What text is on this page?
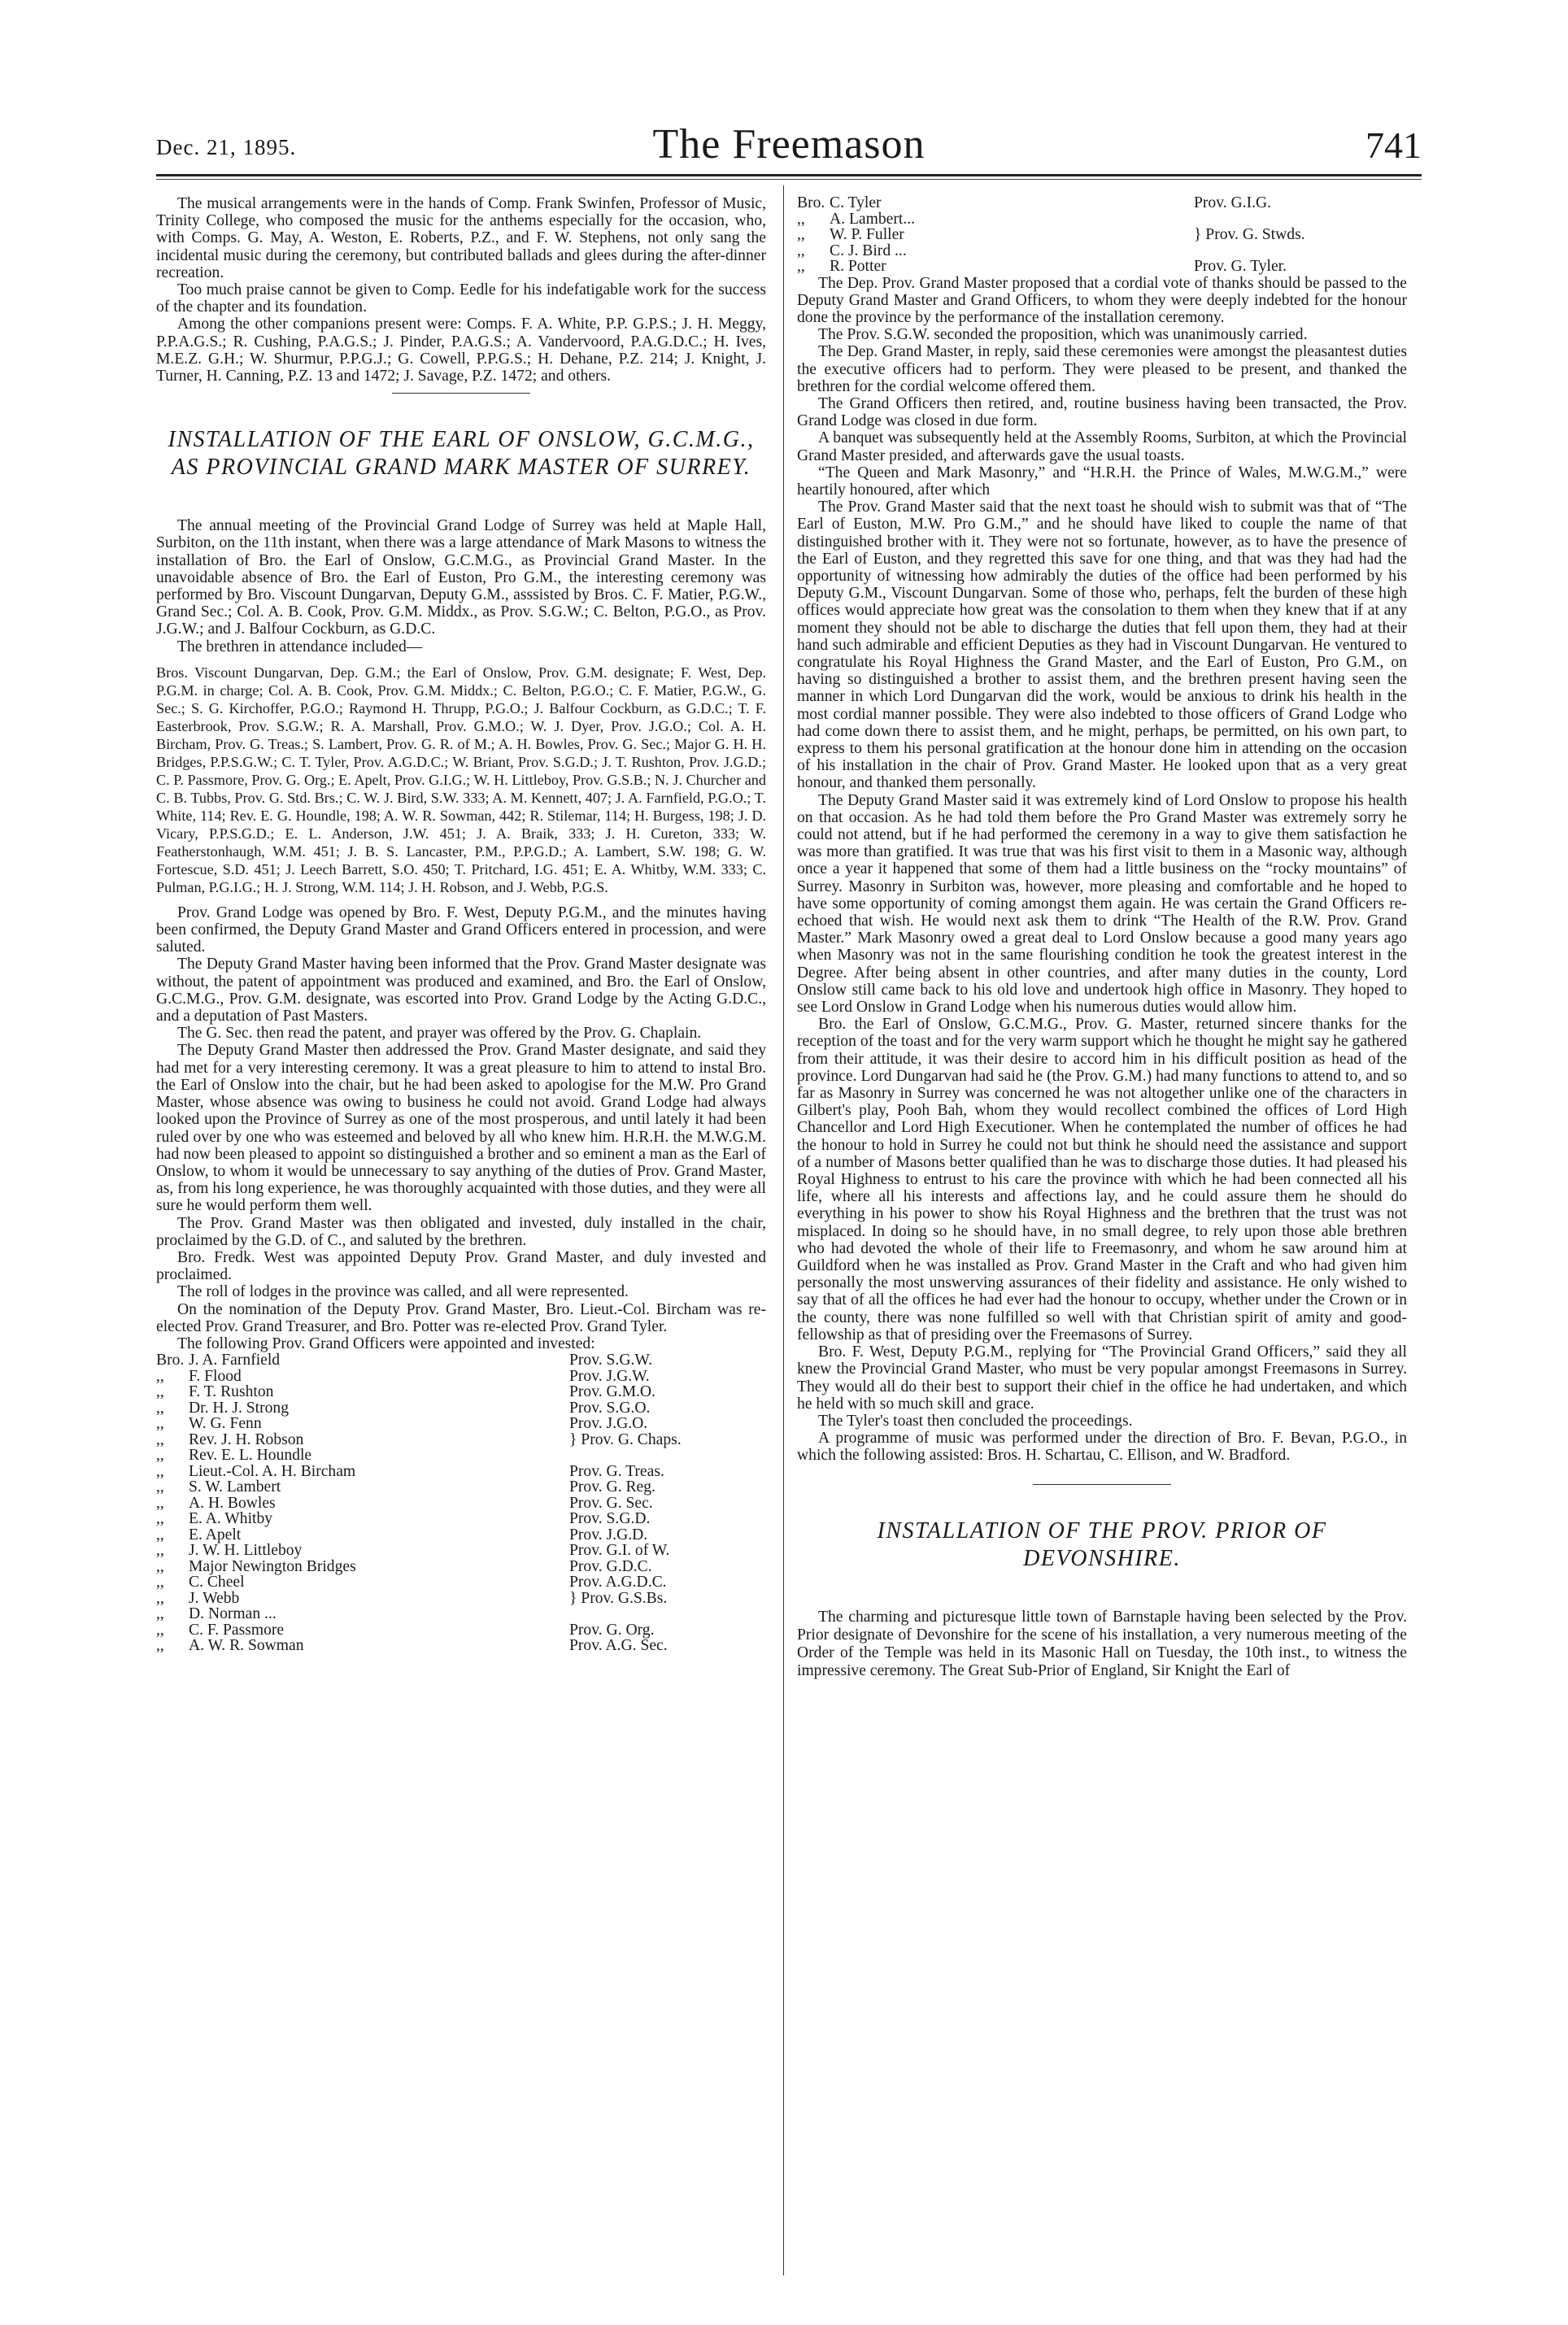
Dec. 21, 1895.	The Freemason	741

The musical arrangements were in the hands of Comp. Frank Swinfen, Professor of Music, Trinity College, who composed the music for the anthems especially for the occasion, who, with Comps. G. May, A. Weston, E. Roberts, P.Z., and F. W. Stephens, not only sang the incidental music during the ceremony, but contributed ballads and glees during the after-dinner recreation.

Too much praise cannot be given to Comp. Eedle for his indefatigable work for the success of the chapter and its foundation.

Among the other companions present were: Comps. F. A. White, P.P. G.P.S.; J. H. Meggy, P.P.A.G.S.; R. Cushing, P.A.G.S.; J. Pinder, P.A.G.S.; A. Vandervoord, P.A.G.D.C.; H. Ives, M.E.Z. G.H.; W. Shurmur, P.P.G.J.; G. Cowell, P.P.G.S.; H. Dehane, P.Z. 214; J. Knight, J. Turner, H. Canning, P.Z. 13 and 1472; J. Savage, P.Z. 1472; and others.

INSTALLATION OF THE EARL OF ONSLOW, G.C.M.G., AS PROVINCIAL GRAND MARK MASTER OF SURREY.

The annual meeting of the Provincial Grand Lodge of Surrey was held at Maple Hall, Surbiton, on the 11th instant, when there was a large attendance of Mark Masons to witness the installation of Bro. the Earl of Onslow, G.C.M.G., as Provincial Grand Master. In the unavoidable absence of Bro. the Earl of Euston, Pro G.M., the interesting ceremony was performed by Bro. Viscount Dungarvan, Deputy G.M., asssisted by Bros. C. F. Matier, P.G.W., Grand Sec.; Col. A. B. Cook, Prov. G.M. Middx., as Prov. S.G.W.; C. Belton, P.G.O., as Prov. J.G.W.; and J. Balfour Cockburn, as G.D.C.

The brethren in attendance included—

Bros. Viscount Dungarvan, Dep. G.M.; the Earl of Onslow, Prov. G.M. designate; F. West, Dep. P.G.M. in charge; Col. A. B. Cook, Prov. G.M. Middx.; C. Belton, P.G.O.; C. F. Matier, P.G.W., G. Sec.; S. G. Kirchoffer, P.G.O.; Raymond H. Thrupp, P.G.O.; J. Balfour Cockburn, as G.D.C.; T. F. Easterbrook, Prov. S.G.W.; R. A. Marshall, Prov. G.M.O.; W. J. Dyer, Prov. J.G.O.; Col. A. H. Bircham, Prov. G. Treas.; S. Lambert, Prov. G. R. of M.; A. H. Bowles, Prov. G. Sec.; Major G. H. H. Bridges, P.P.S.G.W.; C. T. Tyler, Prov. A.G.D.C.; W. Briant, Prov. S.G.D.; J. T. Rushton, Prov. J.G.D.; C. P. Passmore, Prov. G. Org.; E. Apelt, Prov. G.I.G.; W. H. Littleboy, Prov. G.S.B.; N. J. Churcher and C. B. Tubbs, Prov. G. Std. Brs.; C. W. J. Bird, S.W. 333; A. M. Kennett, 407; J. A. Farnfield, P.G.O.; T. White, 114; Rev. E. G. Houndle, 198; A. W. R. Sowman, 442; R. Stilemar, 114; H. Burgess, 198; J. D. Vicary, P.P.S.G.D.; E. L. Anderson, J.W. 451; J. A. Braik, 333; J. H. Cureton, 333; W. Featherstonhaugh, W.M. 451; J. B. S. Lancaster, P.M., P.P.G.D.; A. Lambert, S.W. 198; G. W. Fortescue, S.D. 451; J. Leech Barrett, S.O. 450; T. Pritchard, I.G. 451; E. A. Whitby, W.M. 333; C. Pulman, P.G.I.G.; H. J. Strong, W.M. 114; J. H. Robson, and J. Webb, P.G.S.

Prov. Grand Lodge was opened by Bro. F. West, Deputy P.G.M., and the minutes having been confirmed, the Deputy Grand Master and Grand Officers entered in procession, and were saluted.

The Deputy Grand Master having been informed that the Prov. Grand Master designate was without, the patent of appointment was produced and examined, and Bro. the Earl of Onslow, G.C.M.G., Prov. G.M. designate, was escorted into Prov. Grand Lodge by the Acting G.D.C., and a deputation of Past Masters.

The G. Sec. then read the patent, and prayer was offered by the Prov. G. Chaplain.

The Deputy Grand Master then addressed the Prov. Grand Master designate, and said they had met for a very interesting ceremony. It was a great pleasure to him to attend to instal Bro. the Earl of Onslow into the chair, but he had been asked to apologise for the M.W. Pro Grand Master, whose absence was owing to business he could not avoid. Grand Lodge had always looked upon the Province of Surrey as one of the most prosperous, and until lately it had been ruled over by one who was esteemed and beloved by all who knew him. H.R.H. the M.W.G.M. had now been pleased to appoint so distinguished a brother and so eminent a man as the Earl of Onslow, to whom it would be unnecessary to say anything of the duties of Prov. Grand Master, as, from his long experience, he was thoroughly acquainted with those duties, and they were all sure he would perform them well.

The Prov. Grand Master was then obligated and invested, duly installed in the chair, proclaimed by the G.D. of C., and saluted by the brethren.

Bro. Fredk. West was appointed Deputy Prov. Grand Master, and duly invested and proclaimed.

The roll of lodges in the province was called, and all were represented.

On the nomination of the Deputy Prov. Grand Master, Bro. Lieut.-Col. Bircham was re-elected Prov. Grand Treasurer, and Bro. Potter was re-elected Prov. Grand Tyler.

The following Prov. Grand Officers were appointed and invested:

Bro. J. A. Farnfield	Prov. S.G.W.
,,	F. Flood	Prov. J.G.W.
,,	F. T. Rushton	Prov. G.M.O.
,,	Dr. H. J. Strong	Prov. S.G.O.
,,	W. G. Fenn	Prov. J.G.O.
,,	Rev. J. H. Robson	} Prov. G. Chaps.
,,	Rev. E. L. Houndle
,,	Lieut.-Col. A. H. Bircham	Prov. G. Treas.
,,	S. W. Lambert	Prov. G. Reg.
,,	A. H. Bowles	Prov. G. Sec.
,,	E. A. Whitby	Prov. S.G.D.
,,	E. Apelt	Prov. J.G.D.
,,	J. W. H. Littleboy	Prov. G.I. of W.
,,	Major Newington Bridges	Prov. G.D.C.
,,	C. Cheel	Prov. A.G.D.C.
,,	J. Webb	} Prov. G.S.Bs.
,,	D. Norman ...
,,	C. F. Passmore	Prov. G. Org.
,,	A. W. R. Sowman	Prov. A.G. Sec.
Bro. C. Tyler	Prov. G.I.G.
,,	A. Lambert...
,,	W. P. Fuller	} Prov. G. Stwds.
,,	C. J. Bird ...
,,	R. Potter	Prov. G. Tyler.

The Dep. Prov. Grand Master proposed that a cordial vote of thanks should be passed to the Deputy Grand Master and Grand Officers, to whom they were deeply indebted for the honour done the province by the performance of the installation ceremony.

The Prov. S.G.W. seconded the proposition, which was unanimously carried.

The Dep. Grand Master, in reply, said these ceremonies were amongst the pleasantest duties the executive officers had to perform. They were pleased to be present, and thanked the brethren for the cordial welcome offered them.

The Grand Officers then retired, and, routine business having been transacted, the Prov. Grand Lodge was closed in due form.

A banquet was subsequently held at the Assembly Rooms, Surbiton, at which the Provincial Grand Master presided, and afterwards gave the usual toasts.

“The Queen and Mark Masonry,” and “H.R.H. the Prince of Wales, M.W.G.M.,” were heartily honoured, after which

The Prov. Grand Master said that the next toast he should wish to submit was that of “The Earl of Euston, M.W. Pro G.M.,” and he should have liked to couple the name of that distinguished brother with it. They were not so fortunate, however, as to have the presence of the Earl of Euston, and they regretted this save for one thing, and that was they had had the opportunity of witnessing how admirably the duties of the office had been performed by his Deputy G.M., Viscount Dungarvan. Some of those who, perhaps, felt the burden of these high offices would appreciate how great was the consolation to them when they knew that if at any moment they should not be able to discharge the duties that fell upon them, they had at their hand such admirable and efficient Deputies as they had in Viscount Dungarvan. He ventured to congratulate his Royal Highness the Grand Master, and the Earl of Euston, Pro G.M., on having so distinguished a brother to assist them, and the brethren present having seen the manner in which Lord Dungarvan did the work, would be anxious to drink his health in the most cordial manner possible. They were also indebted to those officers of Grand Lodge who had come down there to assist them, and he might, perhaps, be permitted, on his own part, to express to them his personal gratification at the honour done him in attending on the occasion of his installation in the chair of Prov. Grand Master. He looked upon that as a very great honour, and thanked them personally.

The Deputy Grand Master said it was extremely kind of Lord Onslow to propose his health on that occasion. As he had told them before the Pro Grand Master was extremely sorry he could not attend, but if he had performed the ceremony in a way to give them satisfaction he was more than gratified. It was true that was his first visit to them in a Masonic way, although once a year it happened that some of them had a little business on the “rocky mountains” of Surrey. Masonry in Surbiton was, however, more pleasing and comfortable and he hoped to have some opportunity of coming amongst them again. He was certain the Grand Officers re-echoed that wish. He would next ask them to drink “The Health of the R.W. Prov. Grand Master.” Mark Masonry owed a great deal to Lord Onslow because a good many years ago when Masonry was not in the same flourishing condition he took the greatest interest in the Degree. After being absent in other countries, and after many duties in the county, Lord Onslow still came back to his old love and undertook high office in Masonry. They hoped to see Lord Onslow in Grand Lodge when his numerous duties would allow him.

Bro. the Earl of Onslow, G.C.M.G., Prov. G. Master, returned sincere thanks for the reception of the toast and for the very warm support which he thought he might say he gathered from their attitude, it was their desire to accord him in his difficult position as head of the province. Lord Dungarvan had said he (the Prov. G.M.) had many functions to attend to, and so far as Masonry in Surrey was concerned he was not altogether unlike one of the characters in Gilbert's play, Pooh Bah, whom they would recollect combined the offices of Lord High Chancellor and Lord High Executioner. When he contemplated the number of offices he had the honour to hold in Surrey he could not but think he should need the assistance and support of a number of Masons better qualified than he was to discharge those duties. It had pleased his Royal Highness to entrust to his care the province with which he had been connected all his life, where all his interests and affections lay, and he could assure them he should do everything in his power to show his Royal Highness and the brethren that the trust was not misplaced. In doing so he should have, in no small degree, to rely upon those able brethren who had devoted the whole of their life to Freemasonry, and whom he saw around him at Guildford when he was installed as Prov. Grand Master in the Craft and who had given him personally the most unswerving assurances of their fidelity and assistance. He only wished to say that of all the offices he had ever had the honour to occupy, whether under the Crown or in the county, there was none fulfilled so well with that Christian spirit of amity and good-fellowship as that of presiding over the Freemasons of Surrey.

Bro. F. West, Deputy P.G.M., replying for “The Provincial Grand Officers,” said they all knew the Provincial Grand Master, who must be very popular amongst Freemasons in Surrey. They would all do their best to support their chief in the office he had undertaken, and which he held with so much skill and grace.

The Tyler's toast then concluded the proceedings.

A programme of music was performed under the direction of Bro. F. Bevan, P.G.O., in which the following assisted: Bros. H. Schartau, C. Ellison, and W. Bradford.

INSTALLATION OF THE PROV. PRIOR OF DEVONSHIRE.

The charming and picturesque little town of Barnstaple having been selected by the Prov. Prior designate of Devonshire for the scene of his installation, a very numerous meeting of the Order of the Temple was held in its Masonic Hall on Tuesday, the 10th inst., to witness the impressive ceremony. The Great Sub-Prior of England, Sir Knight the Earl of
